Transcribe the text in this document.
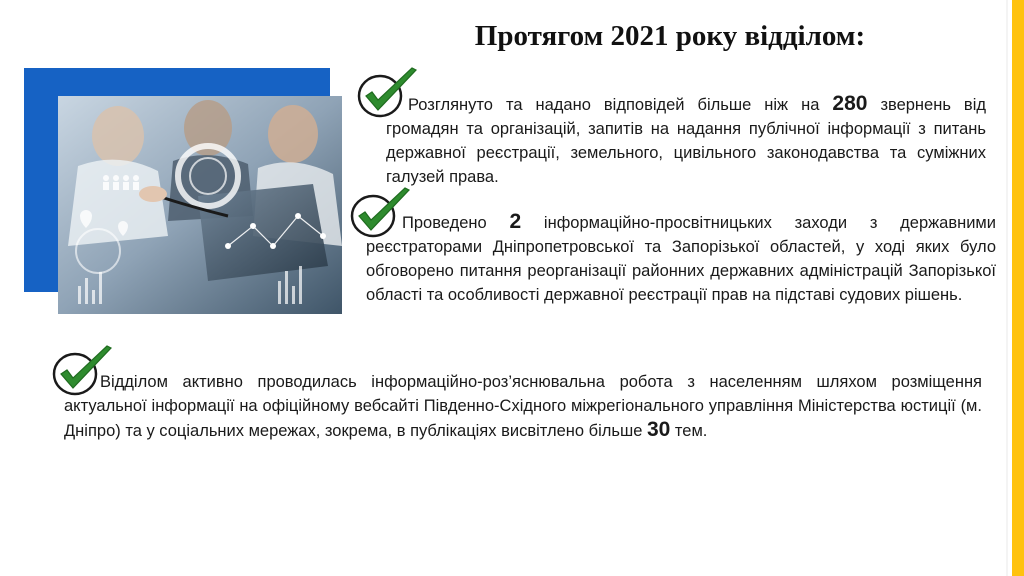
Протягом 2021 року відділом:

Розглянуто та надано відповідей більше ніж на 280 звернень від громадян та організацій, запитів на надання публічної інформації з питань державної реєстрації, земельного, цивільного законодавства та суміжних галузей права.

Проведено 2 інформаційно-просвітницьких заходи з державними реєстраторами Дніпропетровської та Запорізької областей, у ході яких було обговорено питання реорганізації районних державних адміністрацій Запорізької області та особливості державної реєстрації прав на підставі судових рішень.

Відділом активно проводилась інформаційно-роз’яснювальна робота з населенням шляхом розміщення актуальної інформації на офіційному вебсайті Південно-Східного міжрегіонального управління Міністерства юстиції (м. Дніпро) та у соціальних мережах, зокрема, в публікаціях висвітлено більше 30 тем.
